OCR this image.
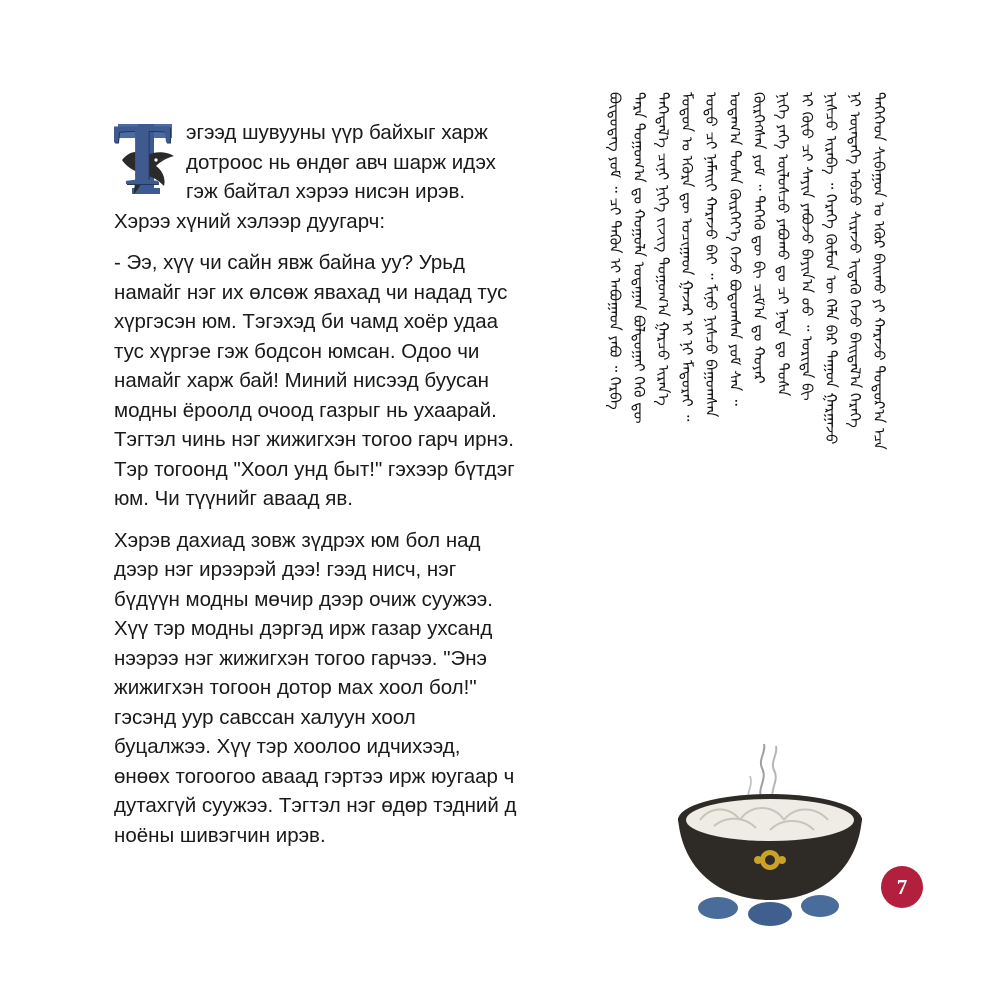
Т эгээд шувууны үүр байхыг харж дотроос нь өндөг авч шарж идэх гэж байтал хэрээ нисэн ирэв. Хэрээ хүний хэлээр дуугарч:

- Ээ, хүү чи сайн явж байна уу? Урьд намайг нэг их өлсөж явахад чи надад тус хүргэсэн юм. Тэгэхэд би чамд хоёр удаа тус хүргэе гэж бодсон юмсан. Одоо чи намайг харж бай! Миний нисээд буусан модны ёроолд очоод газрыг нь ухаарай. Тэгтэл чинь нэг жижигхэн тогоо гарч ирнэ. Тэр тогоонд "Хоол унд быт!" гэхээр бүтдэг юм. Чи түүнийг аваад яв.

Хэрэв дахиад зовж зүдрэх юм бол над дээр нэг ирээрэй дээ! гээд нисч, нэг бүдүүн модны мөчир дээр очиж суужээ. Хүү тэр модны дэргэд ирж газар ухсанд нээрээ нэг жижигхэн тогоо гарчээ. "Энэ жижигхэн тогоон дотор мах хоол бол!" гэсэнд уур савссан халуун хоол буцалжээ. Хүү тэр хоолоо идчихээд, өнөөх тогоогоо аваад гэртээ ирж юугаар ч дутахгүй суужээ. Тэгтэл нэг өдөр тэдний д ноёны шивэгчин ирэв.

ᠲᠡᠭᠡᠭᠡᠳ ᠰᠢᠪᠠᠭᠤᠨ ᠤ ᠡᠭᠦᠷ ᠪᠠᠢᠬᠤ ᠶᠢ ᠬᠠᠷᠠᠵᠤ ᠳᠣᠲᠣᠷ᠎ᠠ ᠡᠴᠡ
ᠨᠢ ᠥᠨᠳᠡᠭᠡ ᠠᠪᠴᠤ ᠰᠢᠷᠠᠵᠤ ᠢᠳᠡᠬᠦ ᠭᠡᠵᠦ ᠪᠠᠢᠲᠠᠯ᠎ᠠ ᠬᠡᠷᠡᠭᠡ
ᠨᠢᠰᠴᠦ ᠢᠷᠡᠪᠡ ᠃ ᠬᠡᠷᠡᠭᠡ ᠬᠦᠮᠦᠨ ᠦ ᠬᠡᠯᠡ ᠪᠡᠷ ᠳᠠᠭᠤᠨ ᠭᠠᠷᠭᠠᠵᠤ
ᠡᠢ ᠬᠦᠦ ᠴᠢ ᠰᠠᠶᠢᠨ ᠶᠠᠪᠤᠵᠤ ᠪᠠᠶᠢᠨ᠎ᠠ ᠤᠤ ᠃ ᠤᠷᠢᠳᠠ ᠪᠢ
ᠨᠢᠭᠡ ᠶᠡᠬᠡ ᠥᠯᠦᠰᠴᠦ ᠶᠠᠪᠤᠬᠤ ᠳᠤ ᠴᠢ ᠨᠠᠳᠠ ᠳᠤ ᠲᠤᠰᠠ
ᠬᠦᠷᠭᠡᠭᠰᠡᠨ ᠶᠤᠮ ᠃ ᠲᠡᠭᠡᠬᠦ ᠳᠦ ᠪᠢ ᠴᠢᠮ᠎ᠠ ᠳᠤ ᠬᠣᠶᠠᠷ
ᠤᠳᠠᠭ᠎ᠠ ᠲᠤᠰᠠ ᠬᠦᠷᠭᠡᠶ᠎ᠡ ᠭᠡᠵᠦ ᠪᠣᠳᠣᠭᠰᠠᠨ ᠶᠤᠮ ᠰᠠᠨ ᠃
ᠣᠳᠣ ᠴᠢ ᠨᠠᠮᠠᠢᠢ ᠬᠠᠷᠠᠵᠤ ᠪᠠᠢ ᠃ ᠮᠢᠨᠦ ᠨᠢᠰᠴᠦ ᠪᠠᠭᠤᠭᠰᠠᠨ
ᠮᠣᠳᠣᠨ ᠤ ᠡᠭᠦᠷᠡ ᠳᠦ ᠣᠴᠢᠭᠠᠳ ᠭᠠᠵᠠᠷ ᠢ ᠨᠢ ᠮᠠᠲᠤᠷᠠᠢ ᠃
ᠲᠡᠭᠡᠲᠡᠯ᠎ᠡ ᠴᠢᠨᠢ ᠨᠢᠭᠡ ᠵᠢᠵᠢᠭ ᠲᠣᠭᠣᠭ᠎ᠠ ᠭᠠᠷᠴᠤ ᠢᠷᠡᠨ᠎ᠡ
ᠲᠡᠷᠡ ᠲᠣᠭᠣᠭ᠎ᠠ ᠳᠤ ᠬᠣᠭᠣᠯᠠ ᠤᠳᠠᠭᠠᠨ ᠪᠣᠯᠲᠤᠭᠠᠢ ᠭᠡᠬᠦ ᠳᠦ
ᠪᠦᠲᠦᠳᠡᠭ ᠶᠤᠮ ᠃ ᠴᠢ ᠲᠡᠭᠦᠨ ᠢ ᠠᠪᠤᠭᠠᠳ ᠶᠠᠪᠤ ᠃ ᠬᠡᠷᠪᠡ
7
